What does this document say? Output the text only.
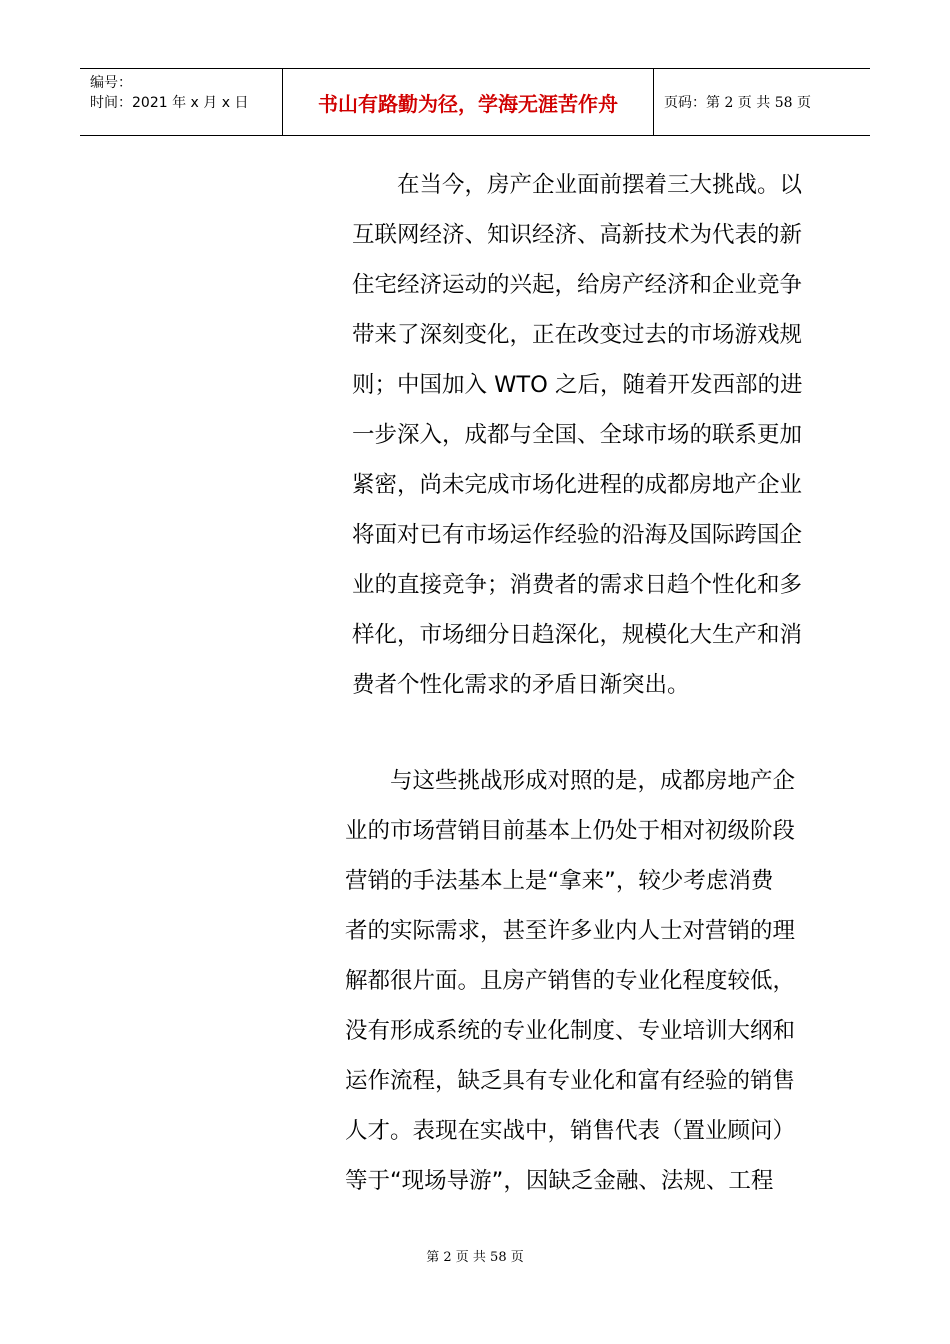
编号：
时间：2021 年 x 月 x 日	书山有路勤为径，学海无涯苦作舟	页码：第 2 页 共 58 页
　　在当今，房产企业面前摆着三大挑战。以
互联网经济、知识经济、高新技术为代表的新
住宅经济运动的兴起，给房产经济和企业竞争
带来了深刻变化，正在改变过去的市场游戏规
则；中国加入 WTO 之后，随着开发西部的进
一步深入，成都与全国、全球市场的联系更加
紧密，尚未完成市场化进程的成都房地产企业
将面对已有市场运作经验的沿海及国际跨国企
业的直接竞争；消费者的需求日趋个性化和多
样化，市场细分日趋深化，规模化大生产和消
费者个性化需求的矛盾日渐突出。
　　与这些挑战形成对照的是，成都房地产企
业的市场营销目前基本上仍处于相对初级阶段
营销的手法基本上是“拿来”，较少考虑消费
者的实际需求，甚至许多业内人士对营销的理
解都很片面。且房产销售的专业化程度较低，
没有形成系统的专业化制度、专业培训大纲和
运作流程，缺乏具有专业化和富有经验的销售
人才。表现在实战中，销售代表（置业顾问）
等于“现场导游”，因缺乏金融、法规、工程
第 2 页 共 58 页
